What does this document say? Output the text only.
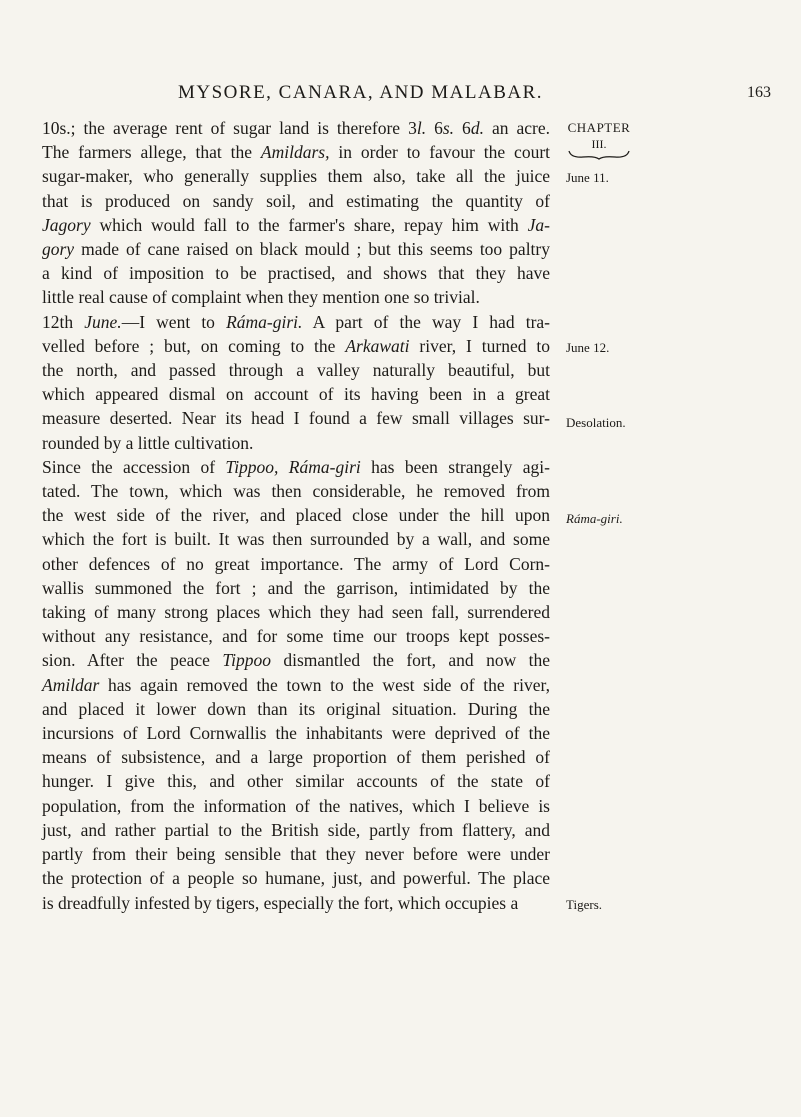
MYSORE, CANARA, AND MALABAR.	163
CHAPTER
III.
June 11.
June 12.
Desolation.
Ráma-giri.
Tigers.
10s.; the average rent of sugar land is therefore 3l. 6s. 6d. an acre.
The farmers allege, that the Amildars, in order to favour the court
sugar-maker, who generally supplies them also, take all the juice
that is produced on sandy soil, and estimating the quantity of
Jagory which would fall to the farmer's share, repay him with Ja-
gory made of cane raised on black mould ; but this seems too paltry
a kind of imposition to be practised, and shows that they have
little real cause of complaint when they mention one so trivial.
12th June.—I went to Ráma-giri. A part of the way I had tra-
velled before ; but, on coming to the Arkawati river, I turned to
the north, and passed through a valley naturally beautiful, but
which appeared dismal on account of its having been in a great
measure deserted. Near its head I found a few small villages sur-
rounded by a little cultivation.
Since the accession of Tippoo, Ráma-giri has been strangely agi-
tated. The town, which was then considerable, he removed from
the west side of the river, and placed close under the hill upon
which the fort is built. It was then surrounded by a wall, and some
other defences of no great importance. The army of Lord Corn-
wallis summoned the fort ; and the garrison, intimidated by the
taking of many strong places which they had seen fall, surrendered
without any resistance, and for some time our troops kept posses-
sion. After the peace Tippoo dismantled the fort, and now the
Amildar has again removed the town to the west side of the river,
and placed it lower down than its original situation. During the
incursions of Lord Cornwallis the inhabitants were deprived of the
means of subsistence, and a large proportion of them perished of
hunger. I give this, and other similar accounts of the state of
population, from the information of the natives, which I believe is
just, and rather partial to the British side, partly from flattery, and
partly from their being sensible that they never before were under
the protection of a people so humane, just, and powerful. The place
is dreadfully infested by tigers, especially the fort, which occupies a
